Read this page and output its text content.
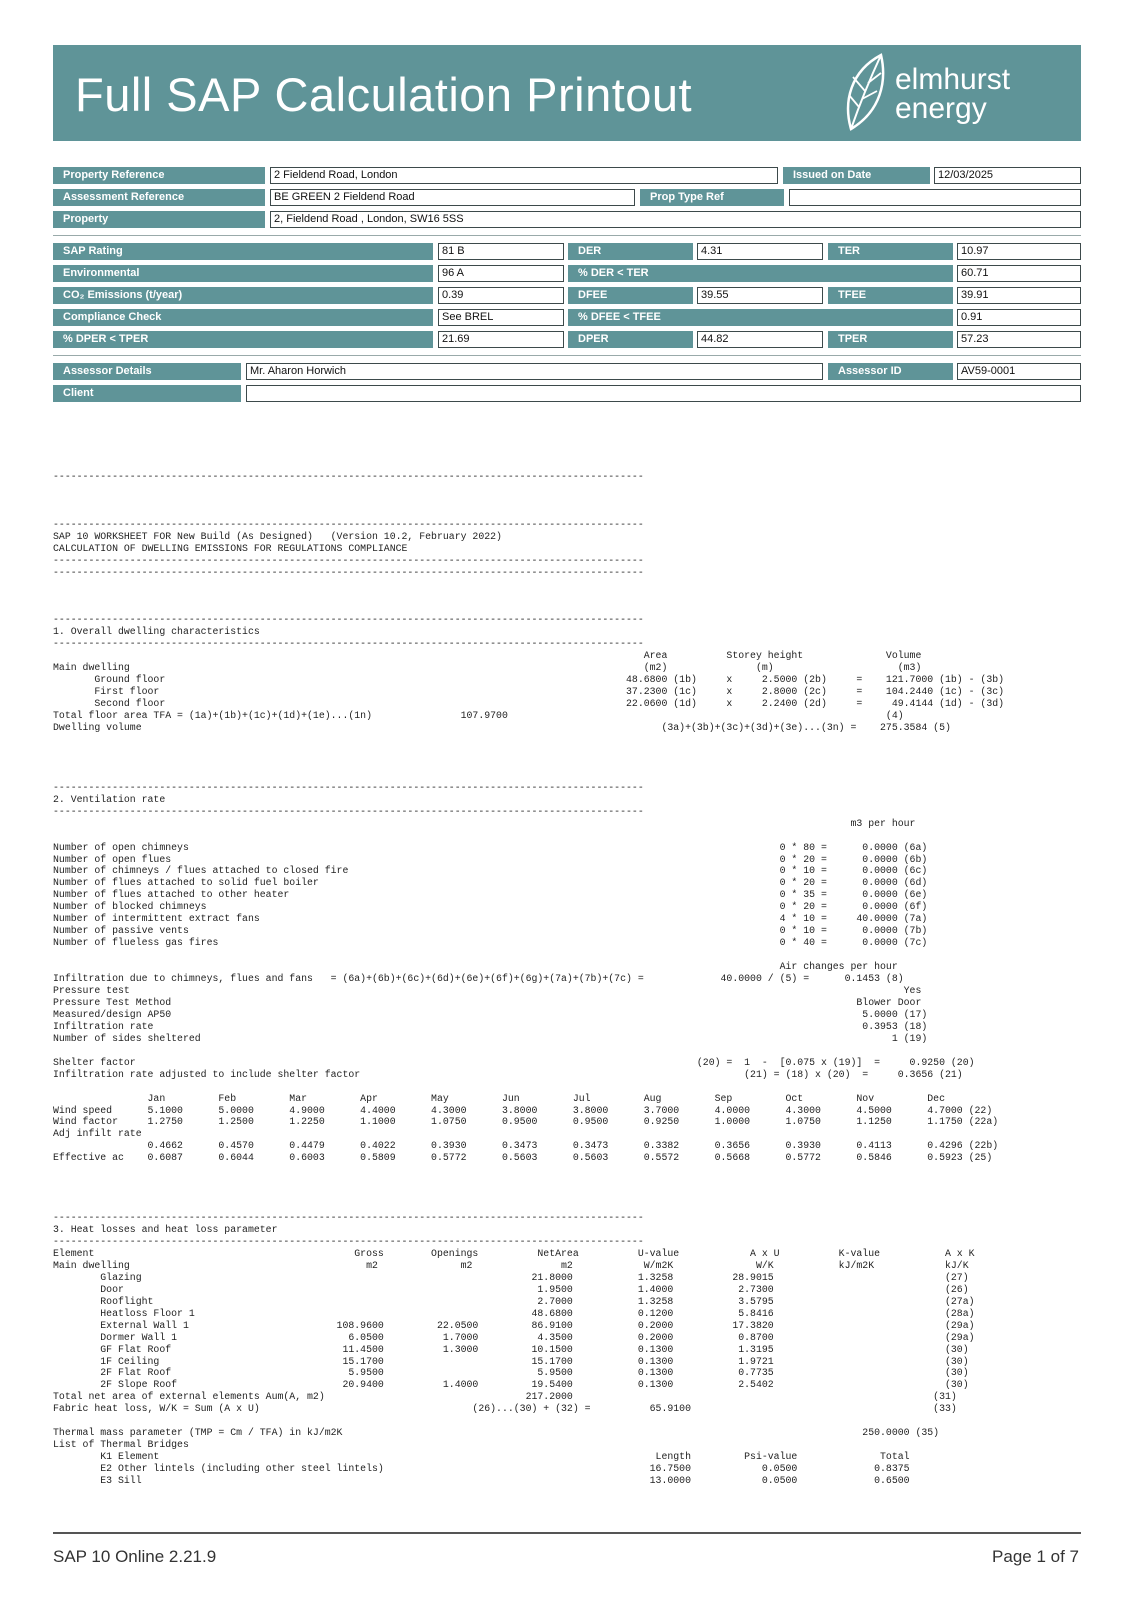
Full SAP Calculation Printout	elmhurst
energy
Property Reference	2 Fieldend Road, London	Issued on Date	12/03/2025
Assessment Reference	BE GREEN 2 Fieldend Road	Prop Type Ref
Property	2, Fieldend Road , London, SW16 5SS
SAP Rating	81 B	DER	4.31	TER	10.97
Environmental	96 A	% DER < TER	60.71
CO₂ Emissions (t/year)	0.39	DFEE	39.55	TFEE	39.91
Compliance Check	See BREL	% DFEE < TFEE	0.91
% DPER < TPER	21.69	DPER	44.82	TPER	57.23
Assessor Details	Mr. Aharon Horwich	Assessor ID	AV59-0001
Client
----------------------------------------------------------------------------------------------------

----------------------------------------------------------------------------------------------------
SAP 10 WORKSHEET FOR New Build (As Designed)   (Version 10.2, February 2022)
CALCULATION OF DWELLING EMISSIONS FOR REGULATIONS COMPLIANCE
----------------------------------------------------------------------------------------------------
----------------------------------------------------------------------------------------------------

----------------------------------------------------------------------------------------------------
1. Overall dwelling characteristics
----------------------------------------------------------------------------------------------------
Area          Storey height              Volume
Main dwelling                                                                                       (m2)               (m)                     (m3)
Ground floor                                                                              48.6800 (1b)     x     2.5000 (2b)     =    121.7000 (1b) - (3b)
First floor                                                                               37.2300 (1c)     x     2.8000 (2c)     =    104.2440 (1c) - (3c)
Second floor                                                                              22.0600 (1d)     x     2.2400 (2d)     =     49.4144 (1d) - (3d)
Total floor area TFA = (1a)+(1b)+(1c)+(1d)+(1e)...(1n)               107.9700                                                                (4)
Dwelling volume                                                                                        (3a)+(3b)+(3c)+(3d)+(3e)...(3n) =    275.3584 (5)

----------------------------------------------------------------------------------------------------
2. Ventilation rate
----------------------------------------------------------------------------------------------------
m3 per hour

Number of open chimneys                                                                                                    0 * 80 =      0.0000 (6a)
Number of open flues                                                                                                       0 * 20 =      0.0000 (6b)
Number of chimneys / flues attached to closed fire                                                                         0 * 10 =      0.0000 (6c)
Number of flues attached to solid fuel boiler                                                                              0 * 20 =      0.0000 (6d)
Number of flues attached to other heater                                                                                   0 * 35 =      0.0000 (6e)
Number of blocked chimneys                                                                                                 0 * 20 =      0.0000 (6f)
Number of intermittent extract fans                                                                                        4 * 10 =     40.0000 (7a)
Number of passive vents                                                                                                    0 * 10 =      0.0000 (7b)
Number of flueless gas fires                                                                                               0 * 40 =      0.0000 (7c)

Air changes per hour
Infiltration due to chimneys, flues and fans   = (6a)+(6b)+(6c)+(6d)+(6e)+(6f)+(6g)+(7a)+(7b)+(7c) =             40.0000 / (5) =      0.1453 (8)
Pressure test                                                                                                                                   Yes
Pressure Test Method                                                                                                                    Blower Door
Measured/design AP50                                                                                                                     5.0000 (17)
Infiltration rate                                                                                                                        0.3953 (18)
Number of sides sheltered                                                                                                                     1 (19)

Shelter factor                                                                                               (20) =  1  -  [0.075 x (19)]  =     0.9250 (20)
Infiltration rate adjusted to include shelter factor                                                                 (21) = (18) x (20)  =     0.3656 (21)

Jan         Feb         Mar         Apr         May         Jun         Jul         Aug         Sep         Oct         Nov         Dec
Wind speed      5.1000      5.0000      4.9000      4.4000      4.3000      3.8000      3.8000      3.7000      4.0000      4.3000      4.5000      4.7000 (22)
Wind factor     1.2750      1.2500      1.2250      1.1000      1.0750      0.9500      0.9500      0.9250      1.0000      1.0750      1.1250      1.1750 (22a)
Adj infilt rate
0.4662      0.4570      0.4479      0.4022      0.3930      0.3473      0.3473      0.3382      0.3656      0.3930      0.4113      0.4296 (22b)
Effective ac    0.6087      0.6044      0.6003      0.5809      0.5772      0.5603      0.5603      0.5572      0.5668      0.5772      0.5846      0.5923 (25)

----------------------------------------------------------------------------------------------------
3. Heat losses and heat loss parameter
----------------------------------------------------------------------------------------------------
Element                                            Gross        Openings          NetArea          U-value            A x U          K-value           A x K
Main dwelling                                        m2              m2               m2            W/m2K              W/K           kJ/m2K            kJ/K
Glazing                                                                  21.8000           1.3258          28.9015                             (27)
Door                                                                      1.9500           1.4000           2.7300                             (26)
Rooflight                                                                 2.7000           1.3258           3.5795                             (27a)
Heatloss Floor 1                                                         48.6800           0.1200           5.8416                             (28a)
External Wall 1                         108.9600         22.0500         86.9100           0.2000          17.3820                             (29a)
Dormer Wall 1                             6.0500          1.7000          4.3500           0.2000           0.8700                             (29a)
GF Flat Roof                             11.4500          1.3000         10.1500           0.1300           1.3195                             (30)
1F Ceiling                               15.1700                         15.1700           0.1300           1.9721                             (30)
2F Flat Roof                              5.9500                          5.9500           0.1300           0.7735                             (30)
2F Slope Roof                            20.9400          1.4000         19.5400           0.1300           2.5402                             (30)
Total net area of external elements Aum(A, m2)                                  217.2000                                                             (31)
Fabric heat loss, W/K = Sum (A x U)                                    (26)...(30) + (32) =          65.9100                                         (33)

Thermal mass parameter (TMP = Cm / TFA) in kJ/m2K                                                                                        250.0000 (35)
List of Thermal Bridges
K1 Element                                                                                    Length         Psi-value              Total
E2 Other lintels (including other steel lintels)                                             16.7500            0.0500             0.8375
E3 Sill                                                                                      13.0000            0.0500             0.6500
SAP 10 Online 2.21.9	Page 1 of 7
